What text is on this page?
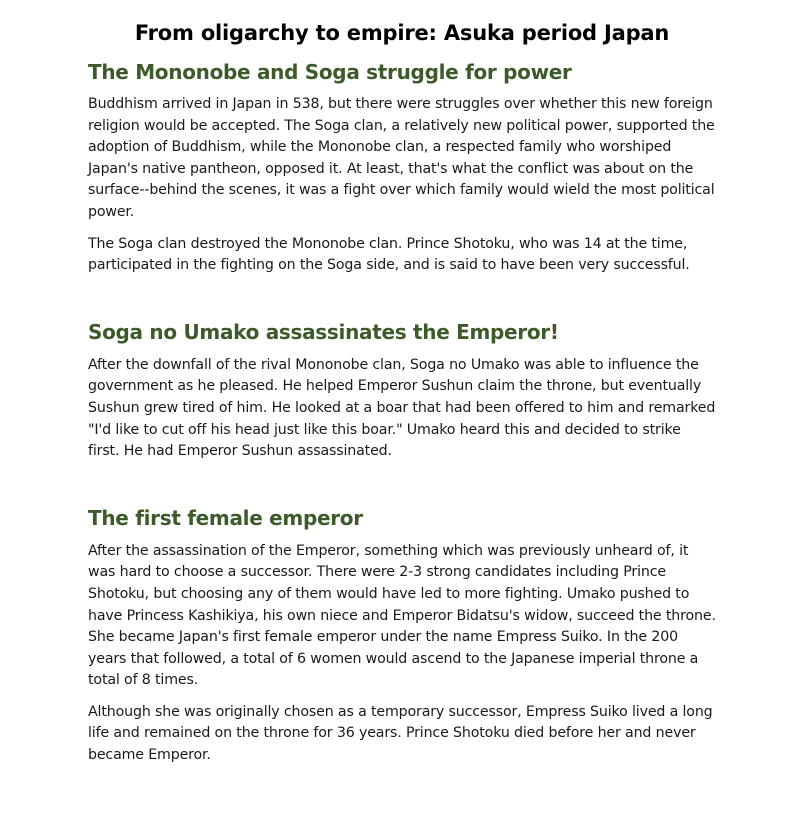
From oligarchy to empire: Asuka period Japan
The Mononobe and Soga struggle for power

Buddhism arrived in Japan in 538, but there were struggles over whether this new foreign religion would be accepted. The Soga clan, a relatively new political power, supported the adoption of Buddhism, while the Mononobe clan, a respected family who worshiped Japan's native pantheon, opposed it. At least, that's what the conflict was about on the surface--behind the scenes, it was a fight over which family would wield the most political power.

The Soga clan destroyed the Mononobe clan. Prince Shotoku, who was 14 at the time, participated in the fighting on the Soga side, and is said to have been very successful.

Soga no Umako assassinates the Emperor!

After the downfall of the rival Mononobe clan, Soga no Umako was able to influence the government as he pleased. He helped Emperor Sushun claim the throne, but eventually Sushun grew tired of him. He looked at a boar that had been offered to him and remarked "I'd like to cut off his head just like this boar." Umako heard this and decided to strike first. He had Emperor Sushun assassinated.

The first female emperor

After the assassination of the Emperor, something which was previously unheard of, it was hard to choose a successor. There were 2-3 strong candidates including Prince Shotoku, but choosing any of them would have led to more fighting. Umako pushed to have Princess Kashikiya, his own niece and Emperor Bidatsu's widow, succeed the throne. She became Japan's first female emperor under the name Empress Suiko. In the 200 years that followed, a total of 6 women would ascend to the Japanese imperial throne a total of 8 times.

Although she was originally chosen as a temporary successor, Empress Suiko lived a long life and remained on the throne for 36 years. Prince Shotoku died before her and never became Emperor.
